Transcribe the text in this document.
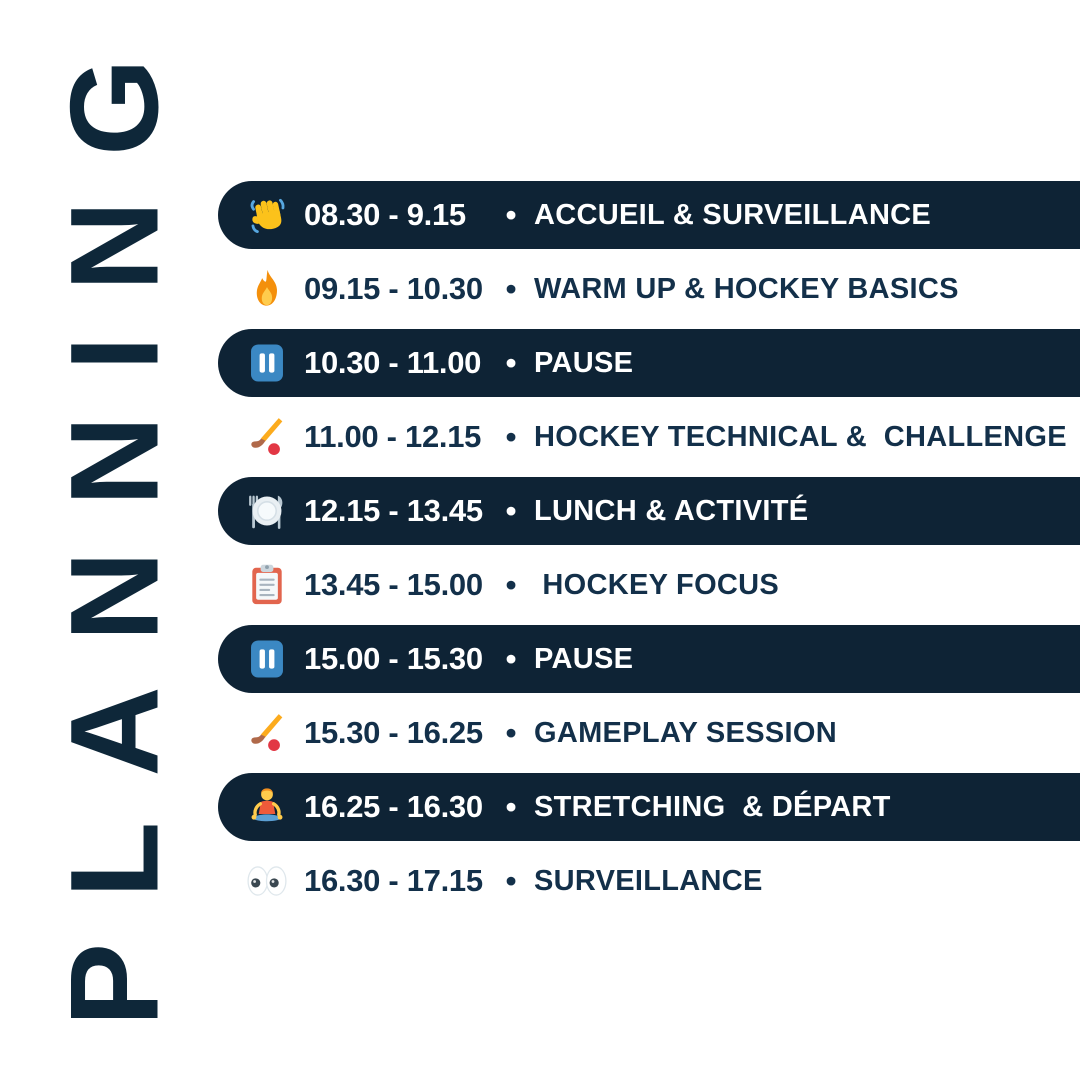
PLANNING	08.30 - 9.15	• ACCUEIL & SURVEILLANCE
09.15 - 10.30 • WARM UP & HOCKEY BASICS
10.30 - 11.00 • PAUSE
11.00 - 12.15 • HOCKEY TECHNICAL &  CHALLENGE
12.15 - 13.45 • LUNCH & ACTIVITÉ
13.45 - 15.00 • HOCKEY FOCUS
15.00 - 15.30 • PAUSE
15.30 - 16.25 • GAMEPLAY SESSION
16.25 - 16.30 • STRETCHING  & DÉPART
16.30 - 17.15 • SURVEILLANCE SURVEILLANCE
